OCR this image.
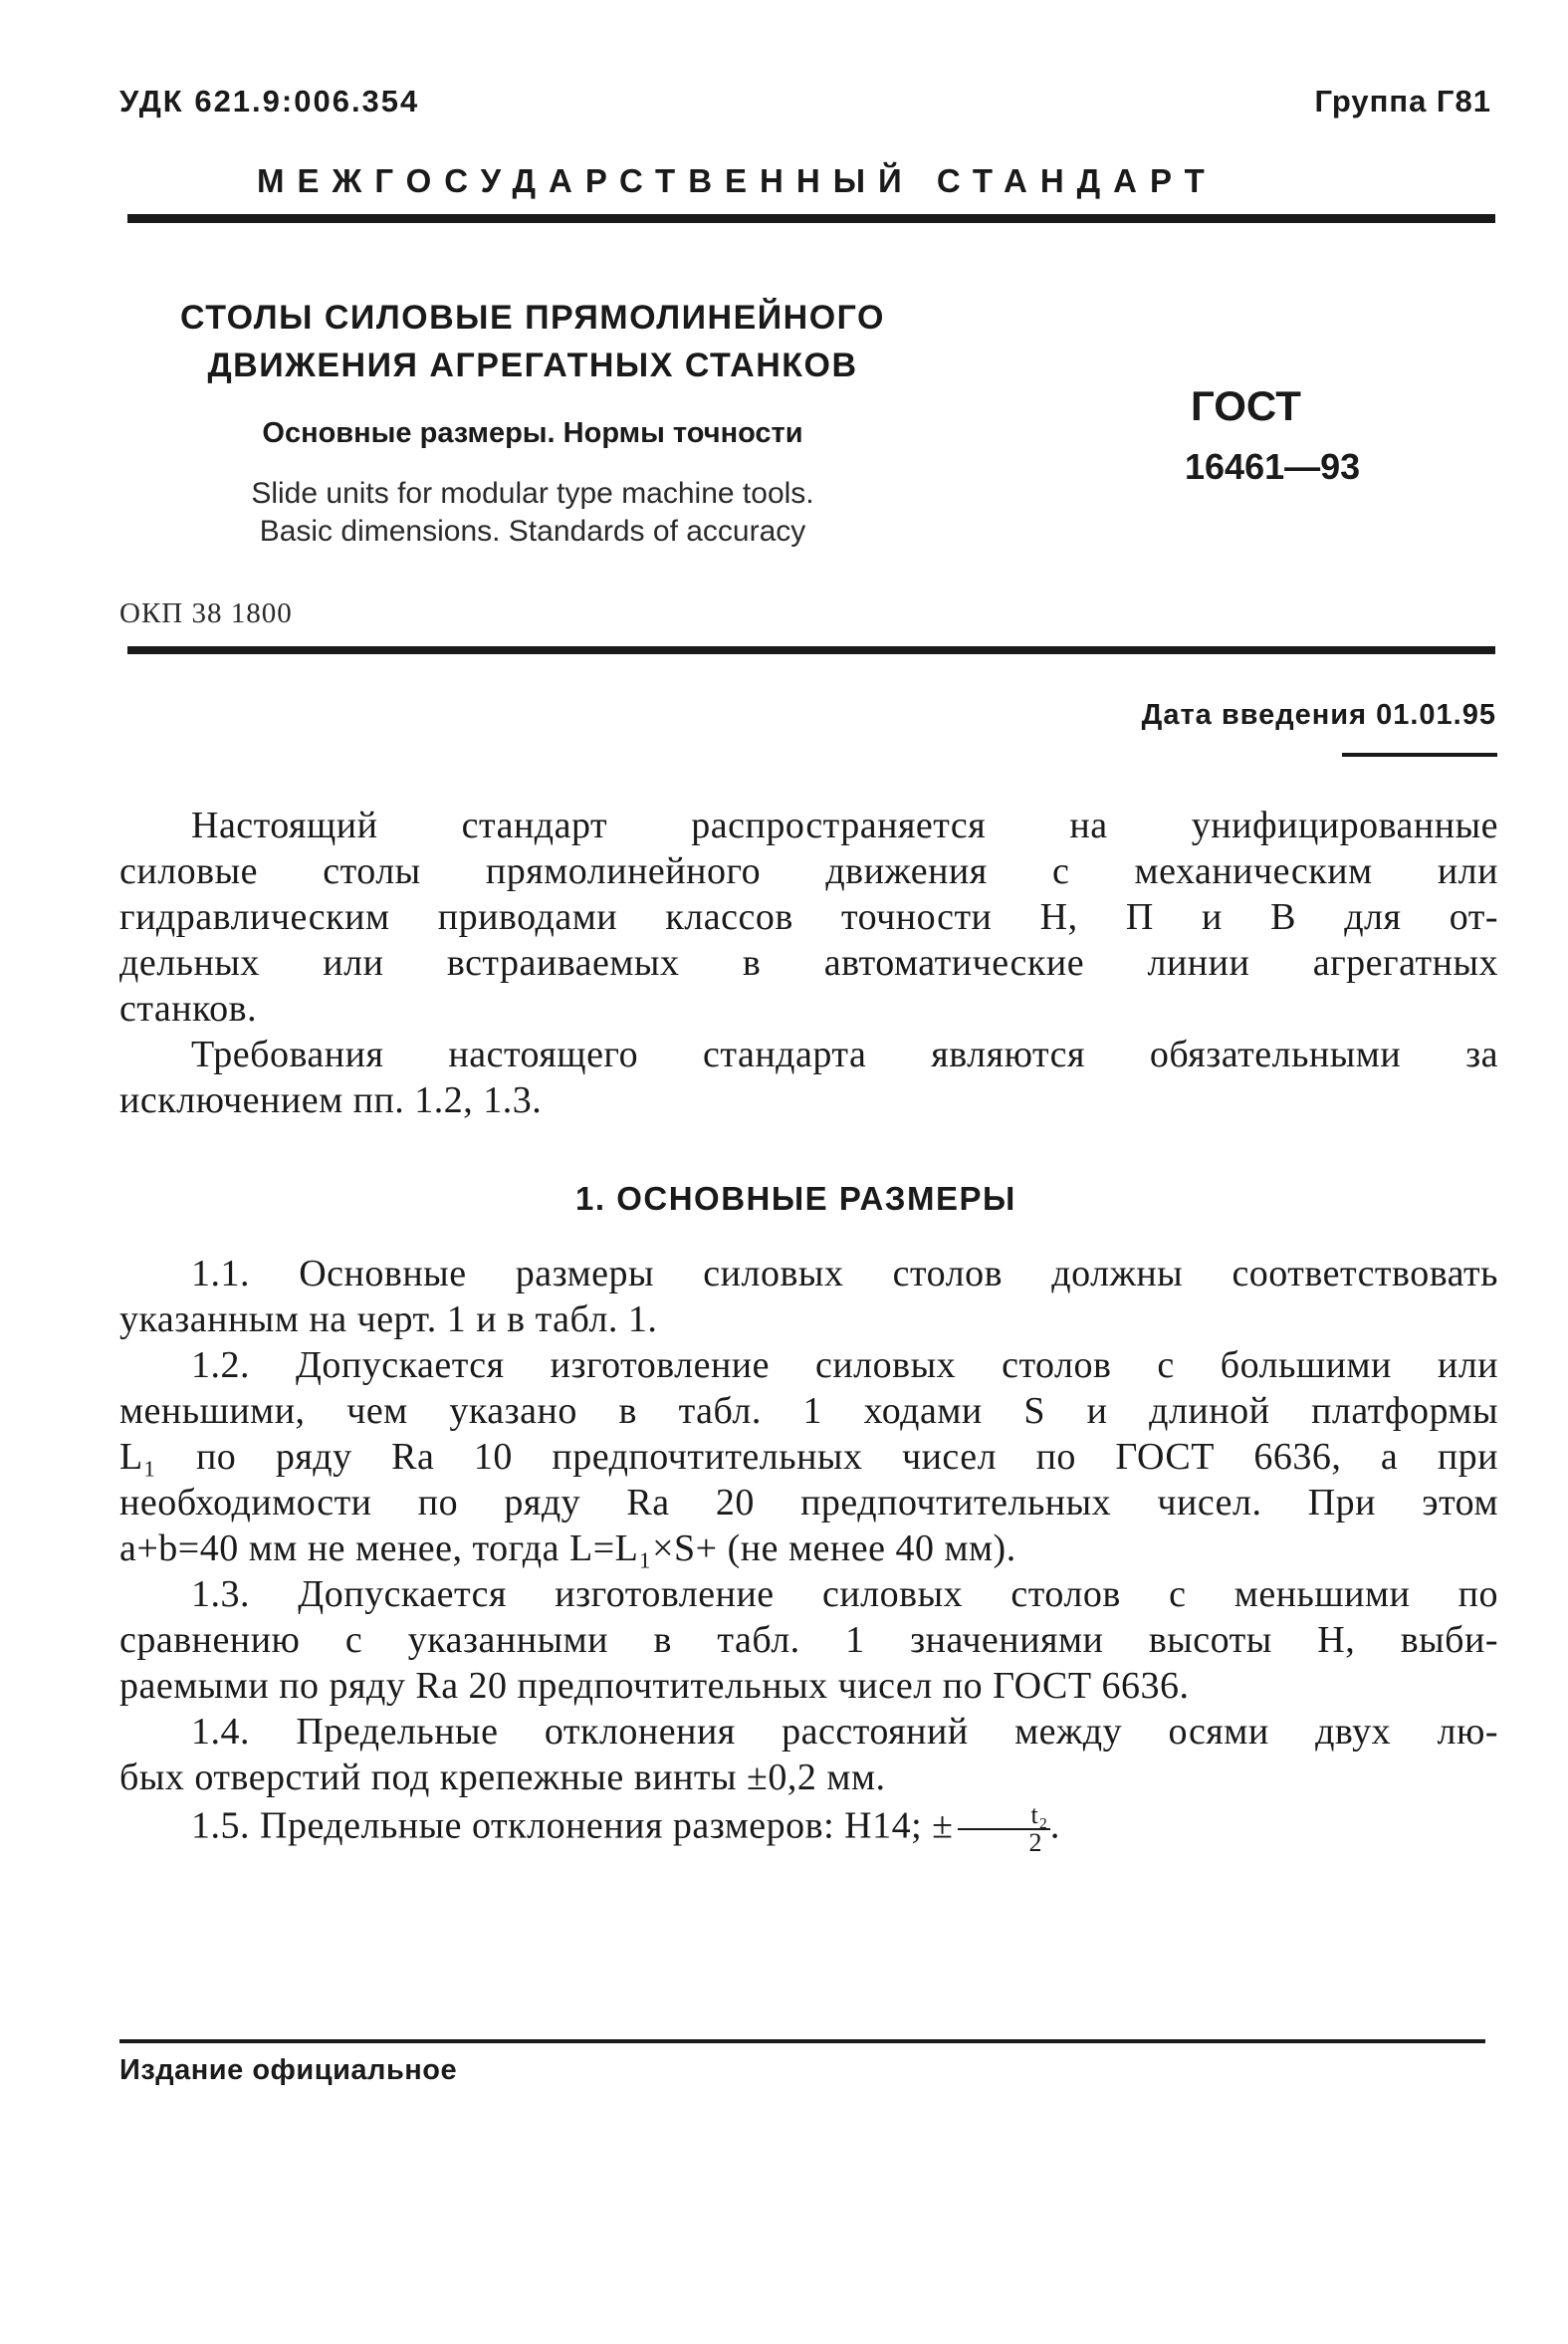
УДК 621.9:006.354	Группа Г81
МЕЖГОСУДАРСТВЕННЫЙ СТАНДАРТ
СТОЛЫ СИЛОВЫЕ ПРЯМОЛИНЕЙНОГО
ДВИЖЕНИЯ АГРЕГАТНЫХ СТАНКОВ
Основные размеры. Нормы точности
Slide units for modular type machine tools.
Basic dimensions. Standards of accuracy
ГОСТ
16461—93
ОКП 38 1800
Дата введения 01.01.95
Настоящий стандарт распространяется на унифицированные
силовые столы прямолинейного движения с механическим или
гидравлическим приводами классов точности Н, П и В для от-
дельных или встраиваемых в автоматические линии агрегатных
станков.
Требования настоящего стандарта являются обязательными за
исключением пп. 1.2, 1.3.
1. ОСНОВНЫЕ РАЗМЕРЫ
1.1. Основные размеры силовых столов должны соответствовать
указанным на черт. 1 и в табл. 1.
1.2. Допускается изготовление силовых столов с большими или
меньшими, чем указано в табл. 1 ходами S и длиной платформы
L₁ по ряду Ra 10 предпочтительных чисел по ГОСТ 6636, а при
необходимости по ряду Ra 20 предпочтительных чисел. При этом
a+b=40 мм не менее, тогда L=L₁×S+ (не менее 40 мм).
1.3. Допускается изготовление силовых столов с меньшими по
сравнению с указанными в табл. 1 значениями высоты H, выби-
раемыми по ряду Ra 20 предпочтительных чисел по ГОСТ 6636.
1.4. Предельные отклонения расстояний между осями двух лю-
бых отверстий под крепежные винты ±0,2 мм.
1.5. Предельные отклонения размеров: H14; ± $\frac{\text{t₂}}{2}$ .
Издание официальное
